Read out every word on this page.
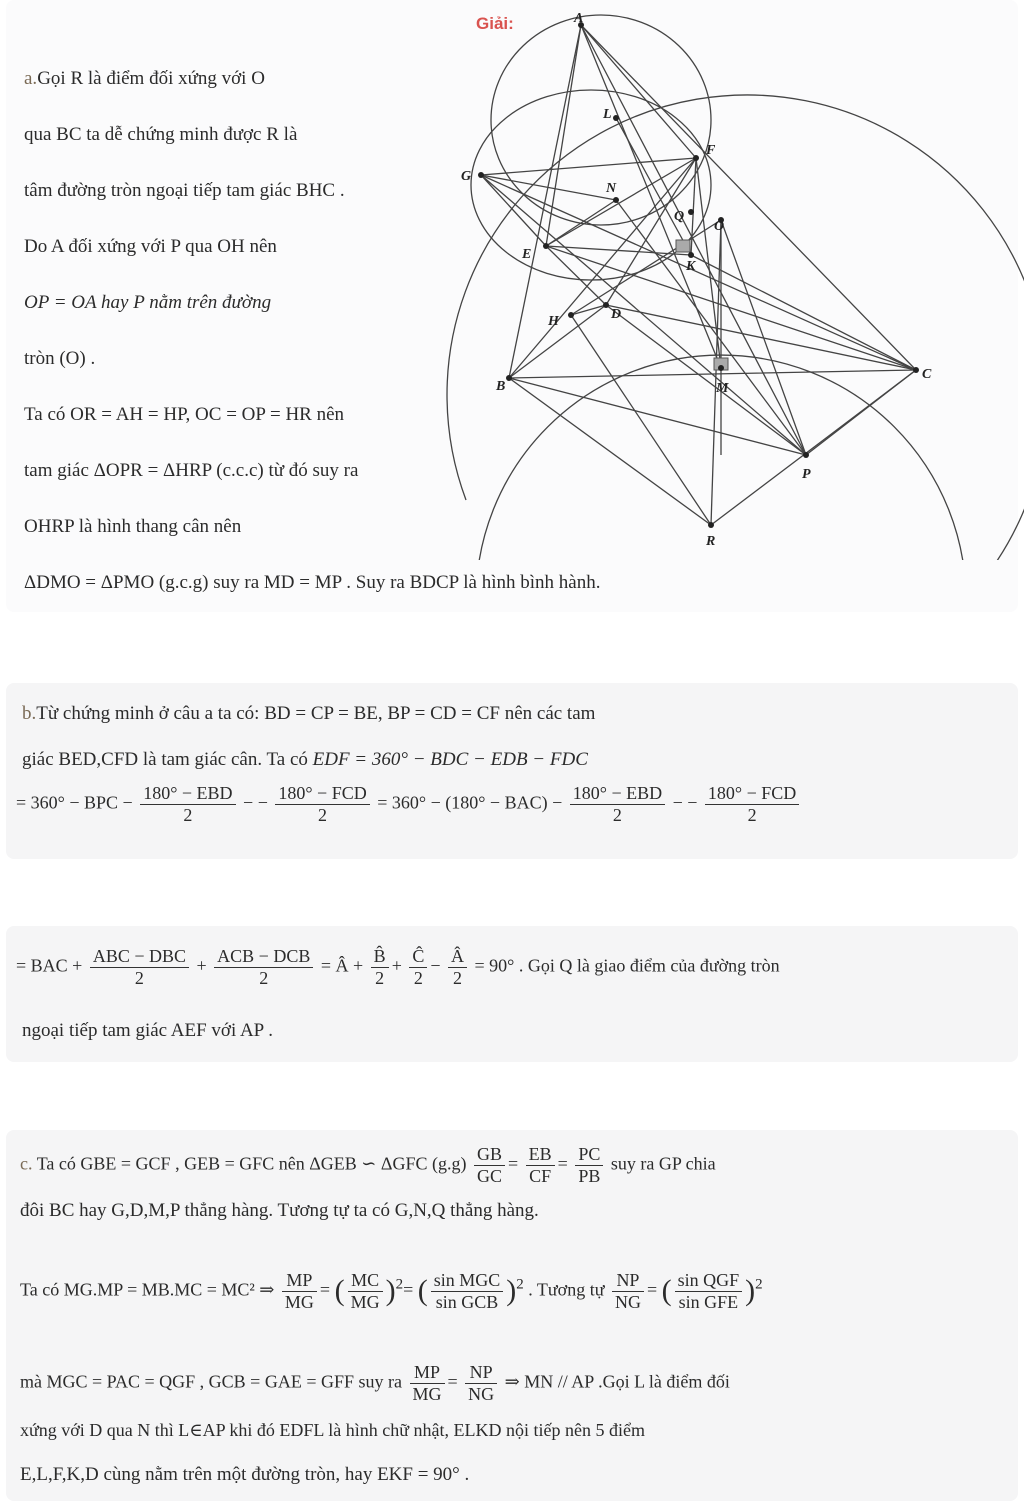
Giải:	A
L
F
G
N
Q
O
E
K
H	D
B	M
C
P
R
a.Gọi R là điểm đối xứng với O
qua BC ta dễ chứng minh được R là
tâm đường tròn ngoại tiếp tam giác BHC .
Do A đối xứng với P qua OH nên
OP = OA hay P nằm trên đường
tròn (O) .
Ta có OR = AH = HP, OC = OP = HR nên
tam giác ΔOPR = ΔHRP (c.c.c) từ đó suy ra
OHRP là hình thang cân nên
ΔDMO = ΔPMO (g.c.g) suy ra MD = MP . Suy ra BDCP là hình bình hành.
b.Từ chứng minh ở câu a ta có: BD = CP = BE, BP = CD = CF nên các tam
giác BED,CFD là tam giác cân. Ta có EDF = 360° − BDC − EDB − FDC
= 360° − BPC − $\frac{\text{180° − EBD}}{2}$ − − $\frac{\text{180° − FCD}}{2} = 360^\circ - (180^\circ - BAC) - \frac{\text{180° − EBD}}{2}$ − − $\frac{\text{180° − FCD}}{2}$
= BAC + $\frac{\text{ABC − DBC}}{2} + \frac{\text{ACB − DCB}}{2}$ = Â + $\frac{B̂}{2} + \frac{Ĉ}{2} - \frac{Â}{2} = 90^\circ$ . Gọi Q là giao điểm của đường tròn
ngoại tiếp tam giác AEF với AP .
c. Ta có GBE = GCF , GEB = GFC nên ΔGEB ∽ ΔGFC $(g.g) \frac{GB}{GC} = \frac{EB}{CF} = \frac{PC}{PB}$ suy ra GP chia
đôi BC hay G,D,M,P thẳng hàng. Tương tự ta có G,N,Q thẳng hàng.
Ta có MG.MP = MB.MC = MC² ⇒ $\frac{MP}{MG}$ = ( $\frac{MC}{MG} )^2=$ ( $\frac{\text{sin MGC}}{\text{sin GCB}} )^2$ . Tương tự $\frac{NP}{NG}$ = ( $\frac{\text{sin QGF}}{\text{sin GFE}} )^2$
mà MGC = PAC = QGF , GCB = GAE = GFF suy ra $\frac{MP}{MG} = \frac{NP}{NG}$ ⇒ MN // AP .Gọi L là điểm đối
xứng với D qua N thì L∈AP khi đó EDFL là hình chữ nhật, ELKD nội tiếp nên 5 điểm
E,L,F,K,D cùng nằm trên một đường tròn, hay EKF = 90° .
